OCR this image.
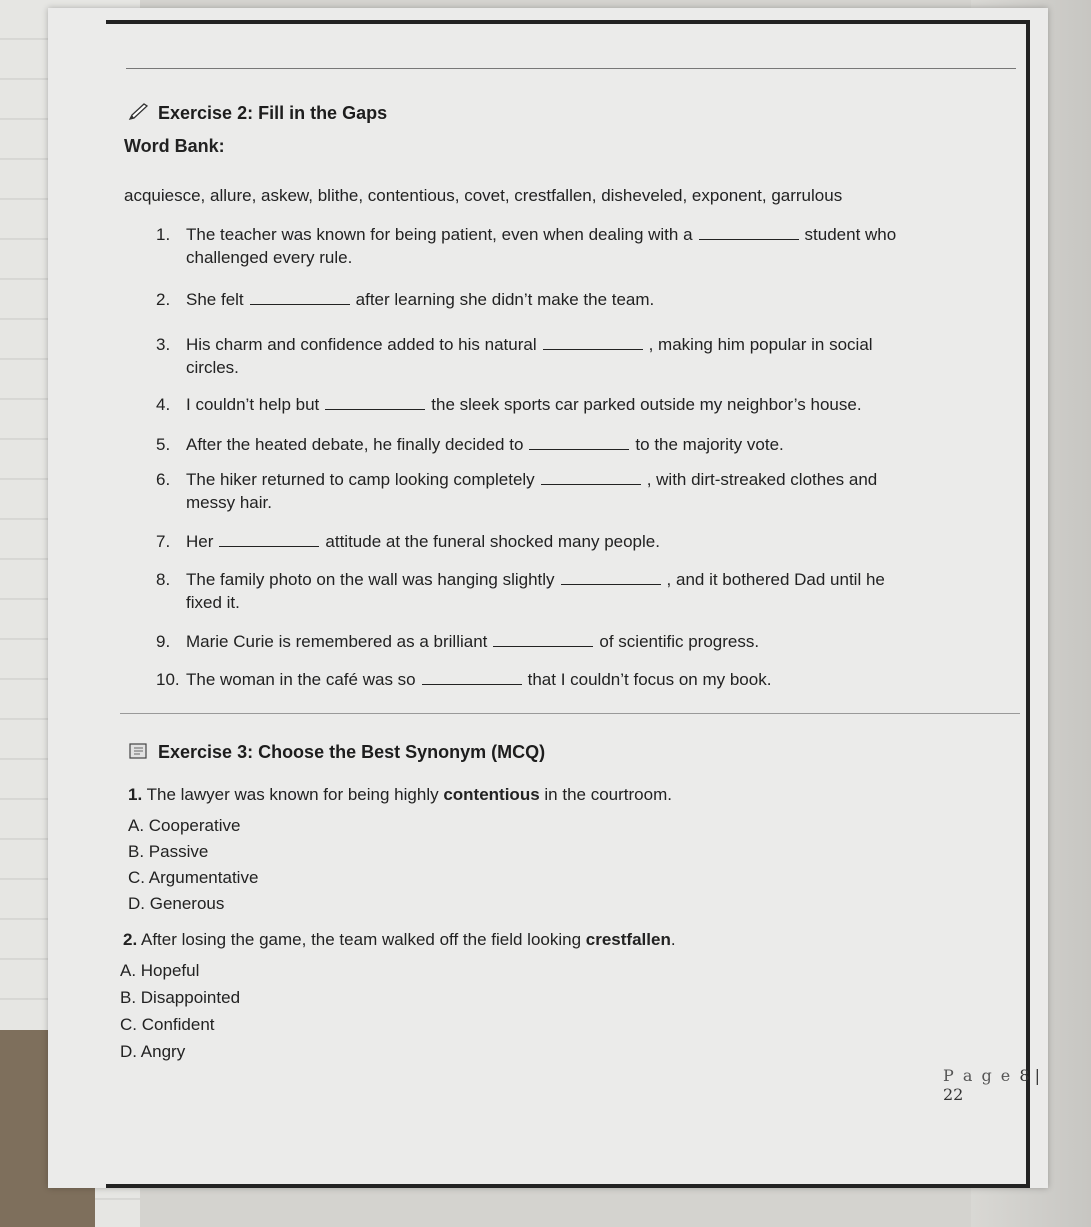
Exercise 2: Fill in the Gaps
Word Bank:
acquiesce, allure, askew, blithe, contentious, covet, crestfallen, disheveled, exponent, garrulous
1. The teacher was known for being patient, even when dealing with a	student who
challenged every rule.
2. She felt	after learning she didn’t make the team.
3. His charm and confidence added to his natural	, making him popular in social
circles.
4. I couldn’t help but	the sleek sports car parked outside my neighbor’s house.
5. After the heated debate, he finally decided to	to the majority vote.
6. The hiker returned to camp looking completely	, with dirt-streaked clothes and
messy hair.
7. Her	attitude at the funeral shocked many people.
8. The family photo on the wall was hanging slightly	, and it bothered Dad until he
fixed it.
9. Marie Curie is remembered as a brilliant	of scientific progress.
10. The woman in the café was so	that I couldn’t focus on my book.
Exercise 3: Choose the Best Synonym (MCQ)
1. The lawyer was known for being highly contentious in the courtroom.
A. Cooperative
B. Passive
C. Argumentative
D. Generous
2. After losing the game, the team walked off the field looking crestfallen.
A. Hopeful
B. Disappointed
C. Confident
D. Angry
P a g e 8 | 22
